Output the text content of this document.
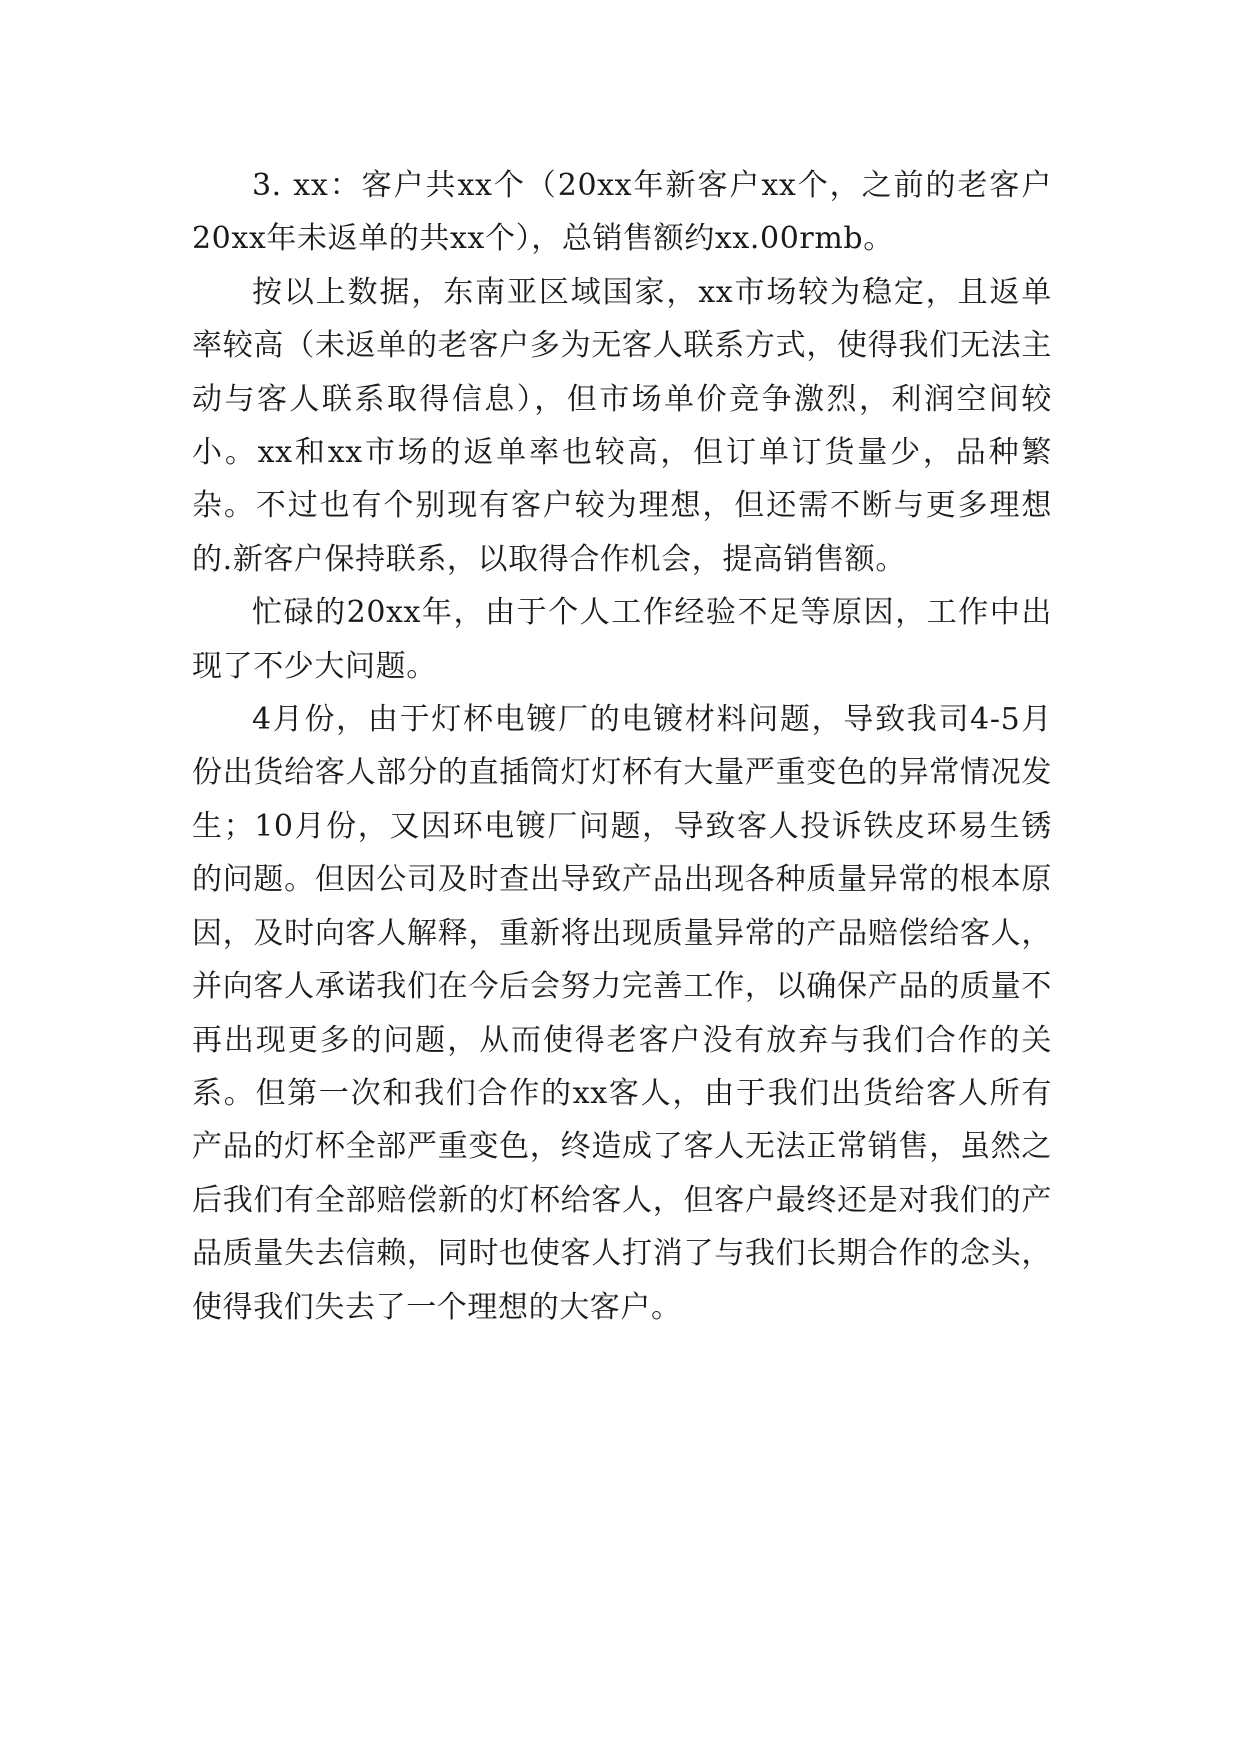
3. xx：客户共xx个（20xx年新客户xx个，之前的老客户20xx年未返单的共xx个），总销售额约xx.00rmb。

按以上数据，东南亚区域国家，xx市场较为稳定，且返单率较高（未返单的老客户多为无客人联系方式，使得我们无法主动与客人联系取得信息），但市场单价竞争激烈，利润空间较小。xx和xx市场的返单率也较高，但订单订货量少，品种繁杂。不过也有个别现有客户较为理想，但还需不断与更多理想的.新客户保持联系，以取得合作机会，提高销售额。

忙碌的20xx年，由于个人工作经验不足等原因，工作中出现了不少大问题。

4月份，由于灯杯电镀厂的电镀材料问题，导致我司4-5月份出货给客人部分的直插筒灯灯杯有大量严重变色的异常情况发生；10月份，又因环电镀厂问题，导致客人投诉铁皮环易生锈的问题。但因公司及时查出导致产品出现各种质量异常的根本原因，及时向客人解释，重新将出现质量异常的产品赔偿给客人，并向客人承诺我们在今后会努力完善工作，以确保产品的质量不再出现更多的问题，从而使得老客户没有放弃与我们合作的关系。但第一次和我们合作的xx客人，由于我们出货给客人所有产品的灯杯全部严重变色，终造成了客人无法正常销售，虽然之后我们有全部赔偿新的灯杯给客人，但客户最终还是对我们的产品质量失去信赖，同时也使客人打消了与我们长期合作的念头，使得我们失去了一个理想的大客户。
